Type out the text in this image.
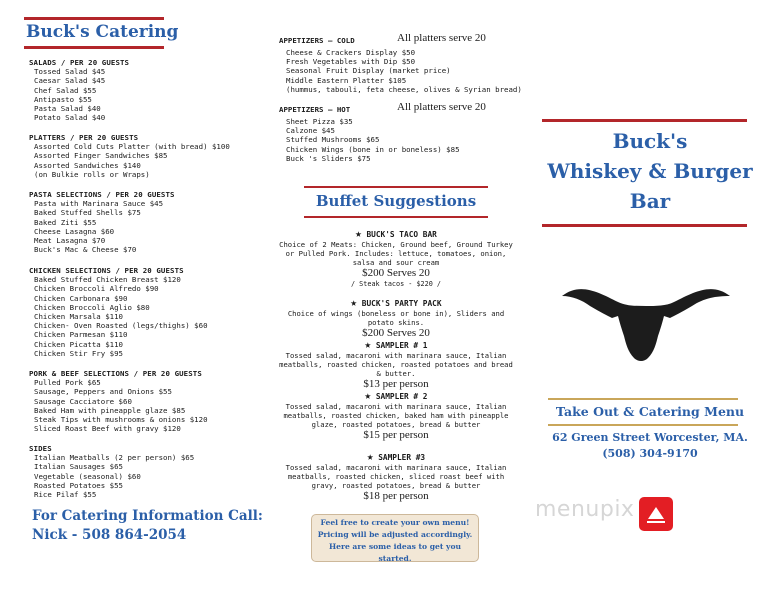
Buck's Catering
SALADS / PER 20 GUESTS
Tossed Salad $45
Caesar Salad $45
Chef Salad $55
Antipasto $55
Pasta Salad $40
Potato Salad $40
PLATTERS / PER 20 GUESTS
Assorted Cold Cuts Platter (with bread) $100
Assorted Finger Sandwiches $85
Assorted Sandwiches $140
(on Bulkie rolls or Wraps)
PASTA SELECTIONS / PER 20 GUESTS
Pasta with Marinara Sauce $45
Baked Stuffed Shells $75
Baked Ziti $55
Cheese Lasagna $60
Meat Lasagna $70
Buck's Mac & Cheese $70
CHICKEN SELECTIONS / PER 20 GUESTS
Baked Stuffed Chicken Breast $120
Chicken Broccoli Alfredo $90
Chicken Carbonara $90
Chicken Broccoli Aglio $80
Chicken Marsala $110
Chicken- Oven Roasted (legs/thighs) $60
Chicken Parmesan $110
Chicken Picatta $110
Chicken Stir Fry $95
PORK & BEEF SELECTIONS / PER 20 GUESTS
Pulled Pork $65
Sausage, Peppers and Onions $55
Sausage Cacciatore $60
Baked Ham with pineapple glaze $85
Steak Tips with mushrooms & onions $120
Sliced Roast Beef with gravy $120
SIDES
Italian Meatballs (2 per person) $65
Italian Sausages $65
Vegetable (seasonal) $60
Roasted Potatoes $55
Rice Pilaf $55
For Catering Information Call:
Nick - 508 864-2054
APPETIZERS – COLD	All platters serve 20
Cheese & Crackers Display $50
Fresh Vegetables with Dip $50
Seasonal Fruit Display (market price)
Middle Eastern Platter $105
(hummus, tabouli, feta cheese, olives & Syrian bread)
APPETIZERS – HOT	All platters serve 20
Sheet Pizza $35
Calzone $45
Stuffed Mushrooms $65
Chicken Wings (bone in or boneless) $85
Buck 's Sliders $75
Buffet Suggestions
★ BUCK'S TACO BAR
Choice of 2 Meats: Chicken, Ground beef, Ground Turkey or Pulled Pork. Includes: lettuce, tomatoes, onion, salsa and sour cream
$200 Serves 20
/ Steak tacos - $220 /
★ BUCK'S PARTY PACK
Choice of wings (boneless or bone in), Sliders and potato skins.
$200 Serves 20
★ SAMPLER # 1
Tossed salad, macaroni with marinara sauce, Italian meatballs, roasted chicken, roasted potatoes and bread & butter.
$13 per person
★ SAMPLER # 2
Tossed salad, macaroni with marinara sauce, Italian meatballs, roasted chicken, baked ham with pineapple glaze, roasted potatoes, bread & butter
$15 per person
★ SAMPLER #3
Tossed salad, macaroni with marinara sauce, Italian meatballs, roasted chicken, sliced roast beef with gravy, roasted potatoes, bread & butter
$18 per person
Feel free to create your own menu!
Pricing will be adjusted accordingly.
Here are some ideas to get you started.
Buck's
Whiskey & Burger
Bar
Take Out & Catering Menu
62 Green Street Worcester, MA.
(508) 304-9170
menupix
